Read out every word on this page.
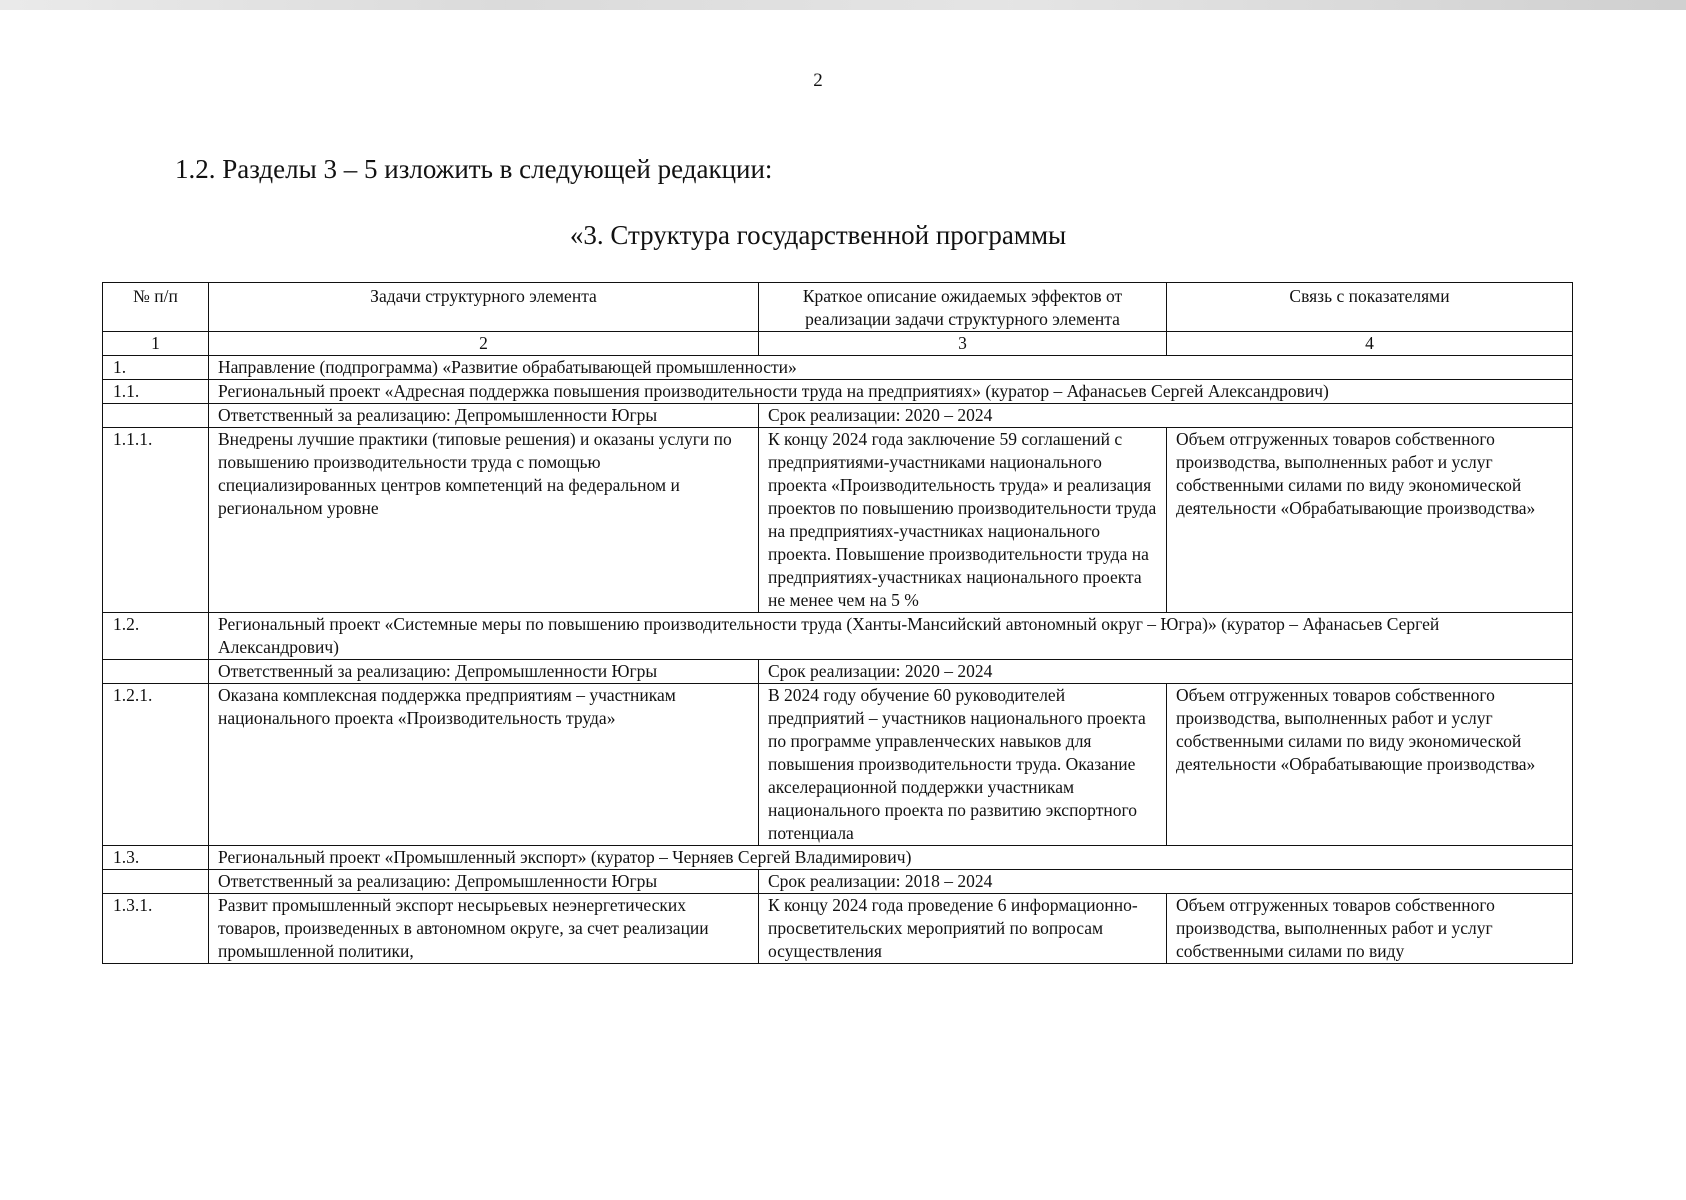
2
1.2. Разделы 3 – 5 изложить в следующей редакции:
«3. Структура государственной программы
№ п/п	Задачи структурного элемента	Краткое описание ожидаемых эффектов от реализации задачи структурного элемента	Связь с показателями
1	2	3	4
1.	Направление (подпрограмма) «Развитие обрабатывающей промышленности»		
1.1.	Региональный проект «Адресная поддержка повышения производительности труда на предприятиях» (куратор – Афанасьев Сергей Александрович)		
	Ответственный за реализацию: Депромышленности Югры	Срок реализации: 2020 – 2024	
1.1.1.	Внедрены лучшие практики (типовые решения) и оказаны услуги по повышению производительности труда с помощью специализированных центров компетенций на федеральном и региональном уровне	К концу 2024 года заключение 59 соглашений с предприятиями-участниками национального проекта «Производительность труда» и реализация проектов по повышению производительности труда на предприятиях-участниках национального проекта. Повышение производительности труда на предприятиях-участниках национального проекта не менее чем на 5 %	Объем отгруженных товаров собственного производства, выполненных работ и услуг собственными силами по виду экономической деятельности «Обрабатывающие производства»
1.2.	Региональный проект «Системные меры по повышению производительности труда (Ханты-Мансийский автономный округ – Югра)» (куратор – Афанасьев Сергей Александрович)		
	Ответственный за реализацию: Депромышленности Югры	Срок реализации: 2020 – 2024	
1.2.1.	Оказана комплексная поддержка предприятиям – участникам национального проекта «Производительность труда»	В 2024 году обучение 60 руководителей предприятий – участников национального проекта по программе управленческих навыков для повышения производительности труда. Оказание акселерационной поддержки участникам национального проекта по развитию экспортного потенциала	Объем отгруженных товаров собственного производства, выполненных работ и услуг собственными силами по виду экономической деятельности «Обрабатывающие производства»
1.3.	Региональный проект «Промышленный экспорт» (куратор – Черняев Сергей Владимирович)		
	Ответственный за реализацию: Депромышленности Югры	Срок реализации: 2018 – 2024	
1.3.1.	Развит промышленный экспорт несырьевых неэнергетических товаров, произведенных в автономном округе, за счет реализации промышленной политики,	К концу 2024 года проведение 6 информационно-просветительских мероприятий по вопросам осуществления	Объем отгруженных товаров собственного производства, выполненных работ и услуг собственными силами по виду
